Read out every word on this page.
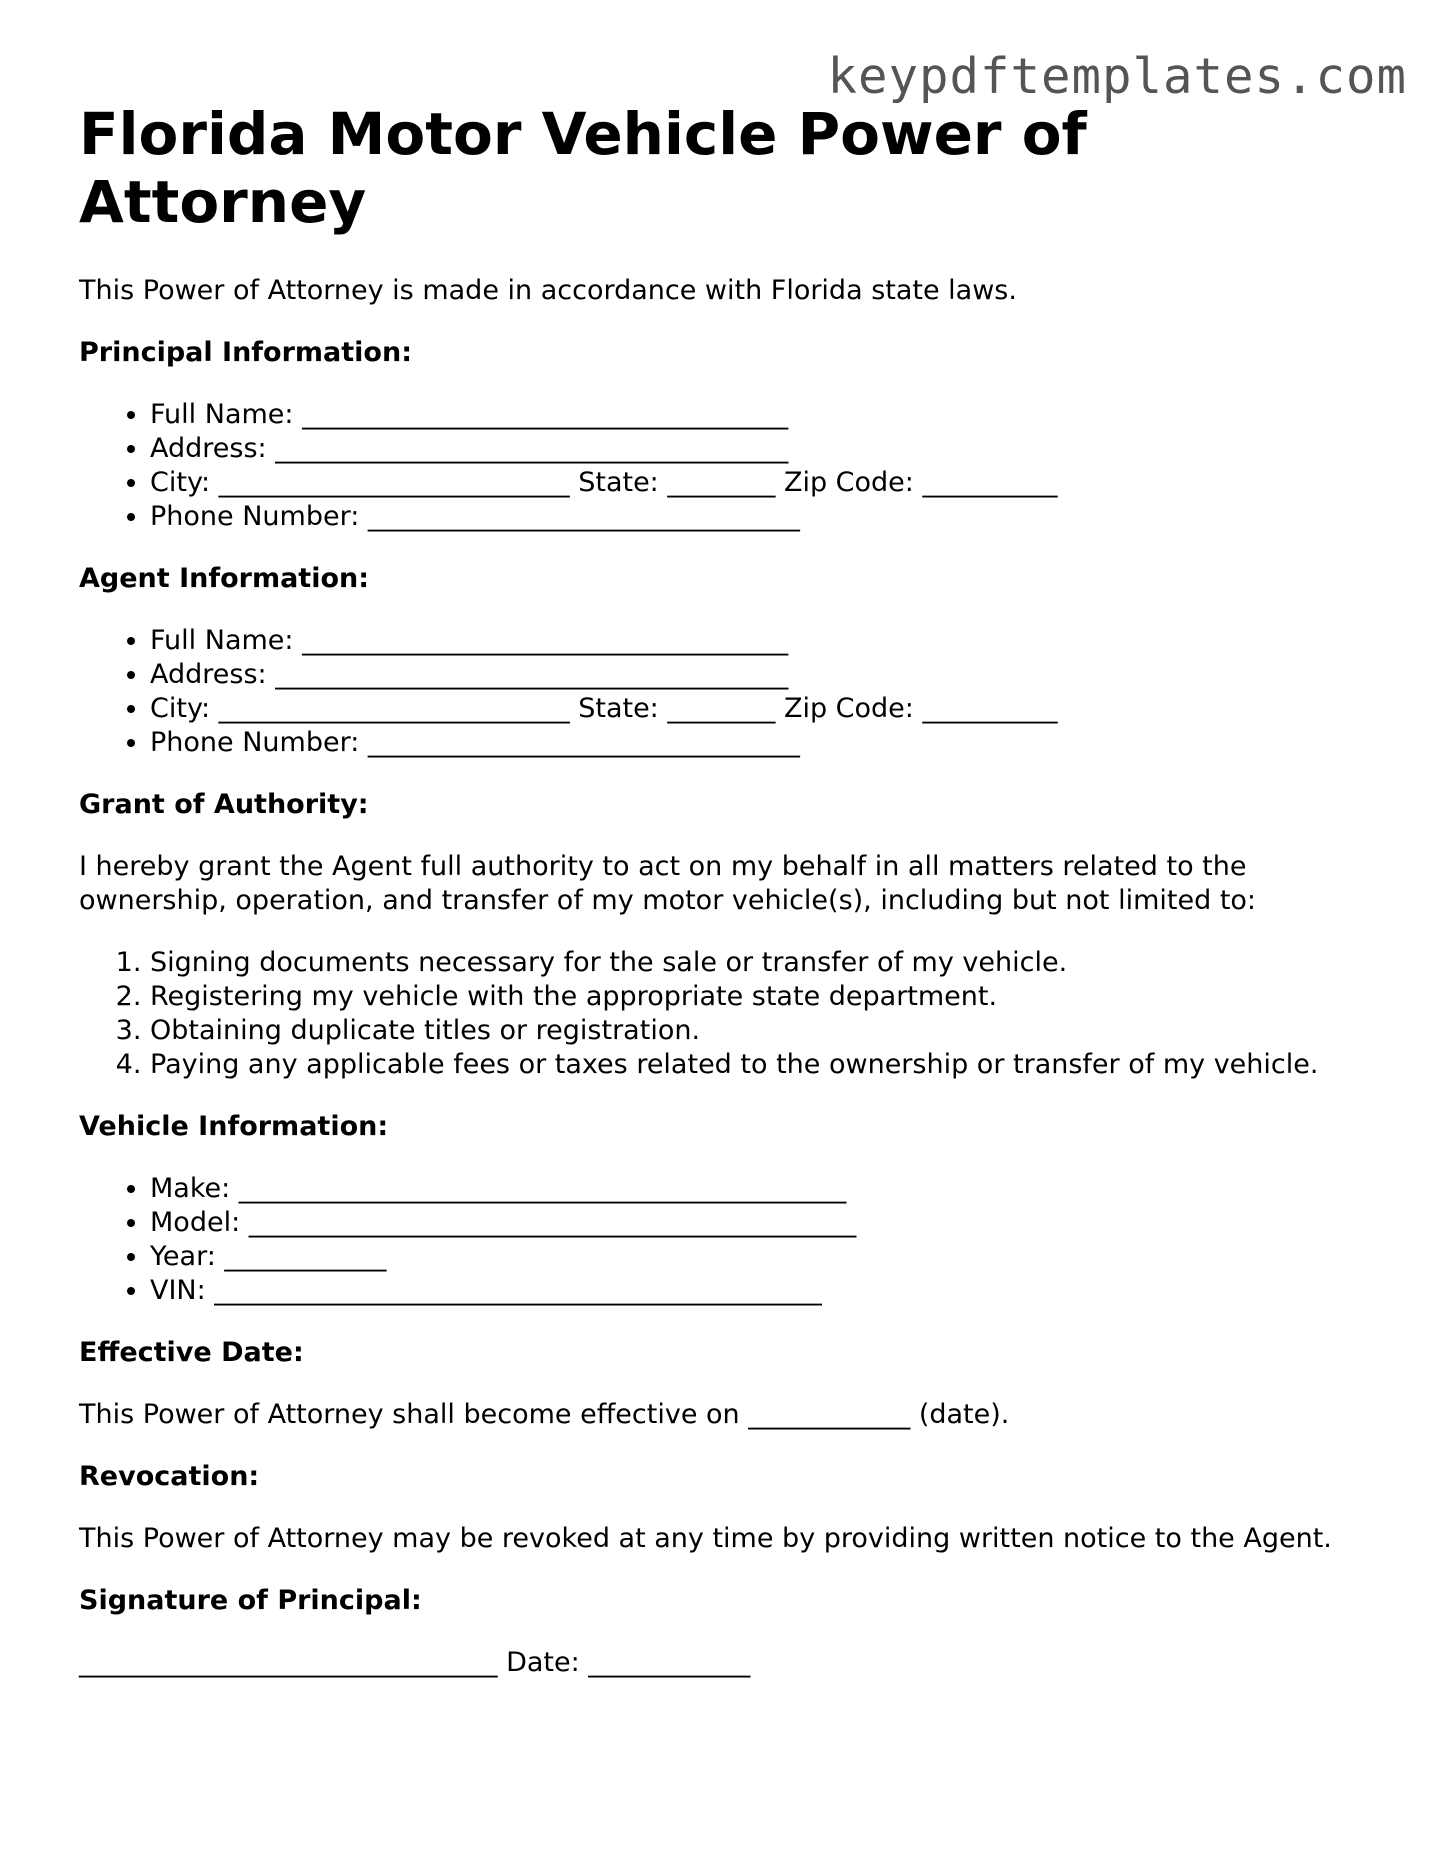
keypdftemplates.com
Florida Motor Vehicle Power of Attorney

This Power of Attorney is made in accordance with Florida state laws.

Principal Information:

• Full Name: ____________________________________
• Address: ______________________________________
• City: __________________________ State: ________ Zip Code: __________
• Phone Number: ________________________________

Agent Information:

• Full Name: ____________________________________
• Address: ______________________________________
• City: __________________________ State: ________ Zip Code: __________
• Phone Number: ________________________________

Grant of Authority:

I hereby grant the Agent full authority to act on my behalf in all matters related to the ownership, operation, and transfer of my motor vehicle(s), including but not limited to:

1. Signing documents necessary for the sale or transfer of my vehicle.
2. Registering my vehicle with the appropriate state department.
3. Obtaining duplicate titles or registration.
4. Paying any applicable fees or taxes related to the ownership or transfer of my vehicle.

Vehicle Information:

• Make: _____________________________________________
• Model: _____________________________________________
• Year: ____________
• VIN: _____________________________________________

Effective Date:

This Power of Attorney shall become effective on ____________ (date).

Revocation:

This Power of Attorney may be revoked at any time by providing written notice to the Agent.

Signature of Principal:

_______________________________ Date: ____________
